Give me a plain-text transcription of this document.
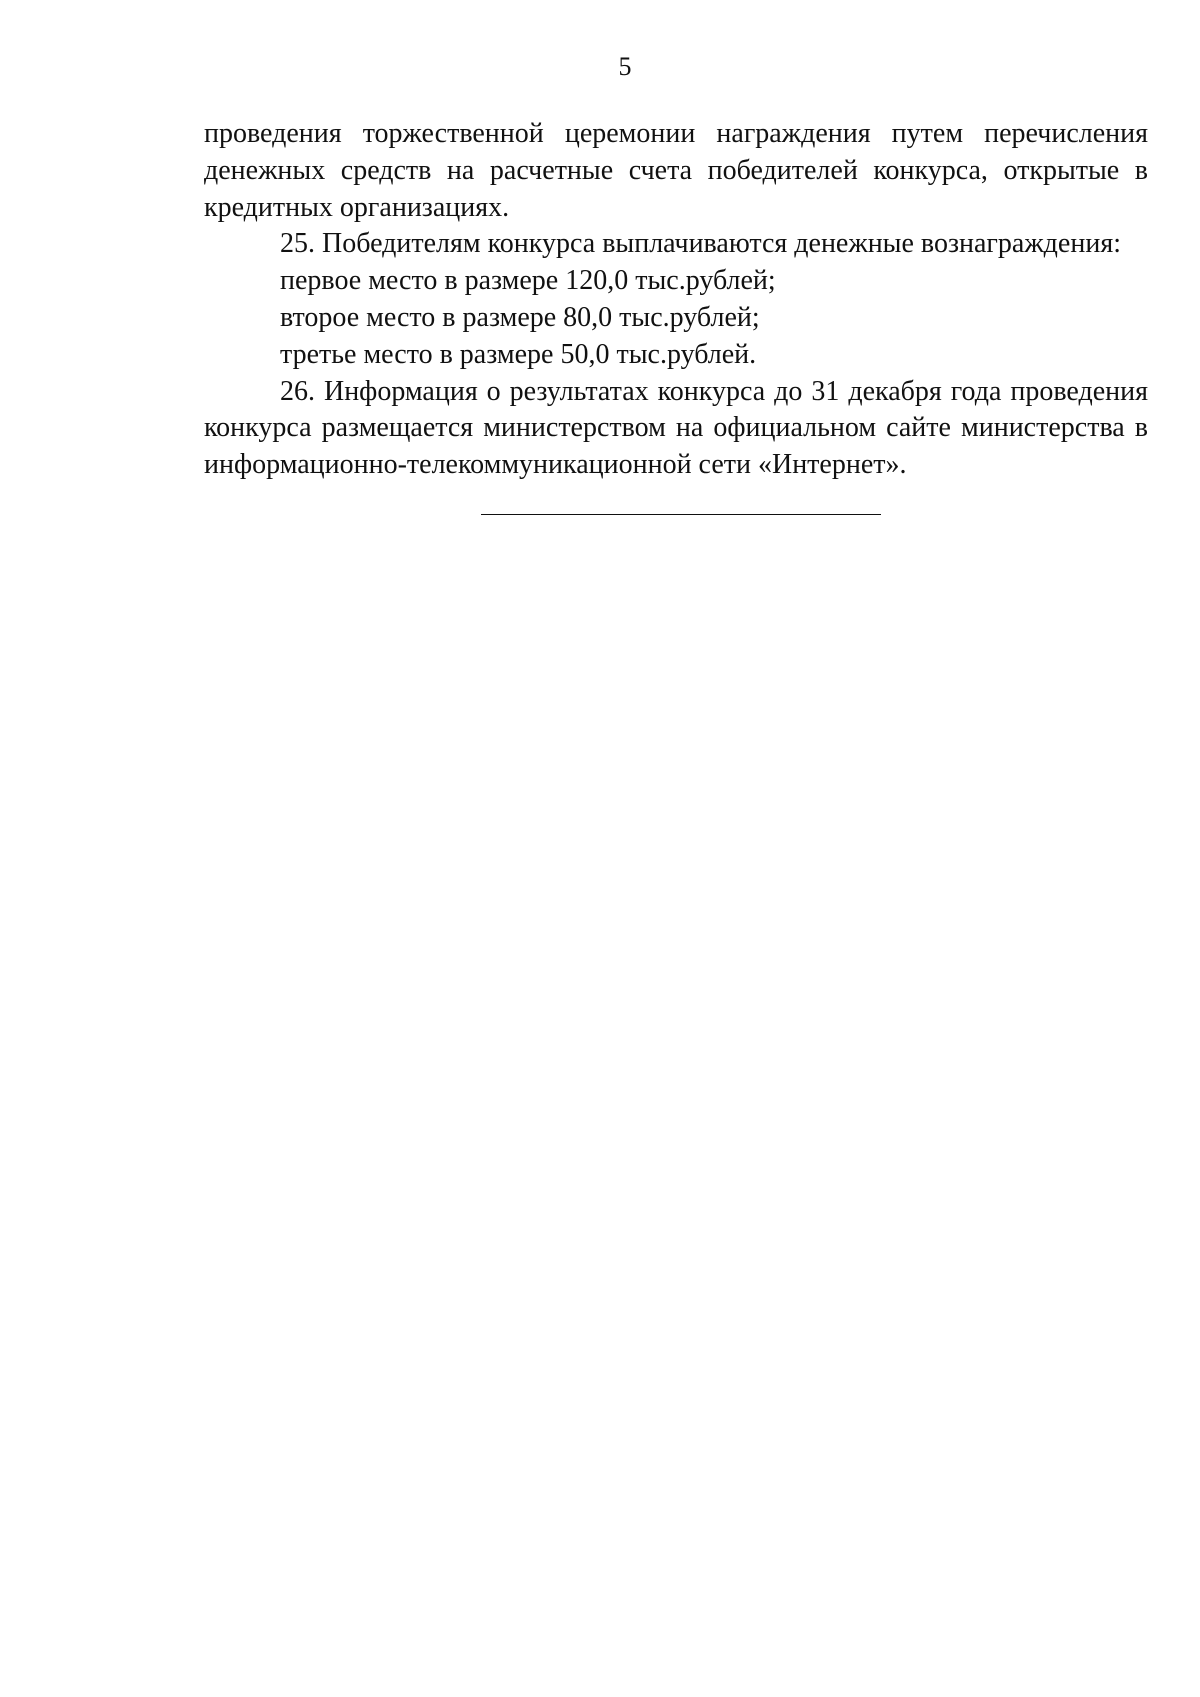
5

проведения торжественной церемонии награждения путем перечисления денежных средств на расчетные счета победителей конкурса, открытые в кредитных организациях.

25. Победителям конкурса выплачиваются денежные вознаграждения:

первое место в размере 120,0 тыс.рублей;

второе место в размере 80,0 тыс.рублей;

третье место в размере 50,0 тыс.рублей.

26. Информация о результатах конкурса до 31 декабря года проведения конкурса размещается министерством на официальном сайте министерства в информационно-телекоммуникационной сети «Интернет».
